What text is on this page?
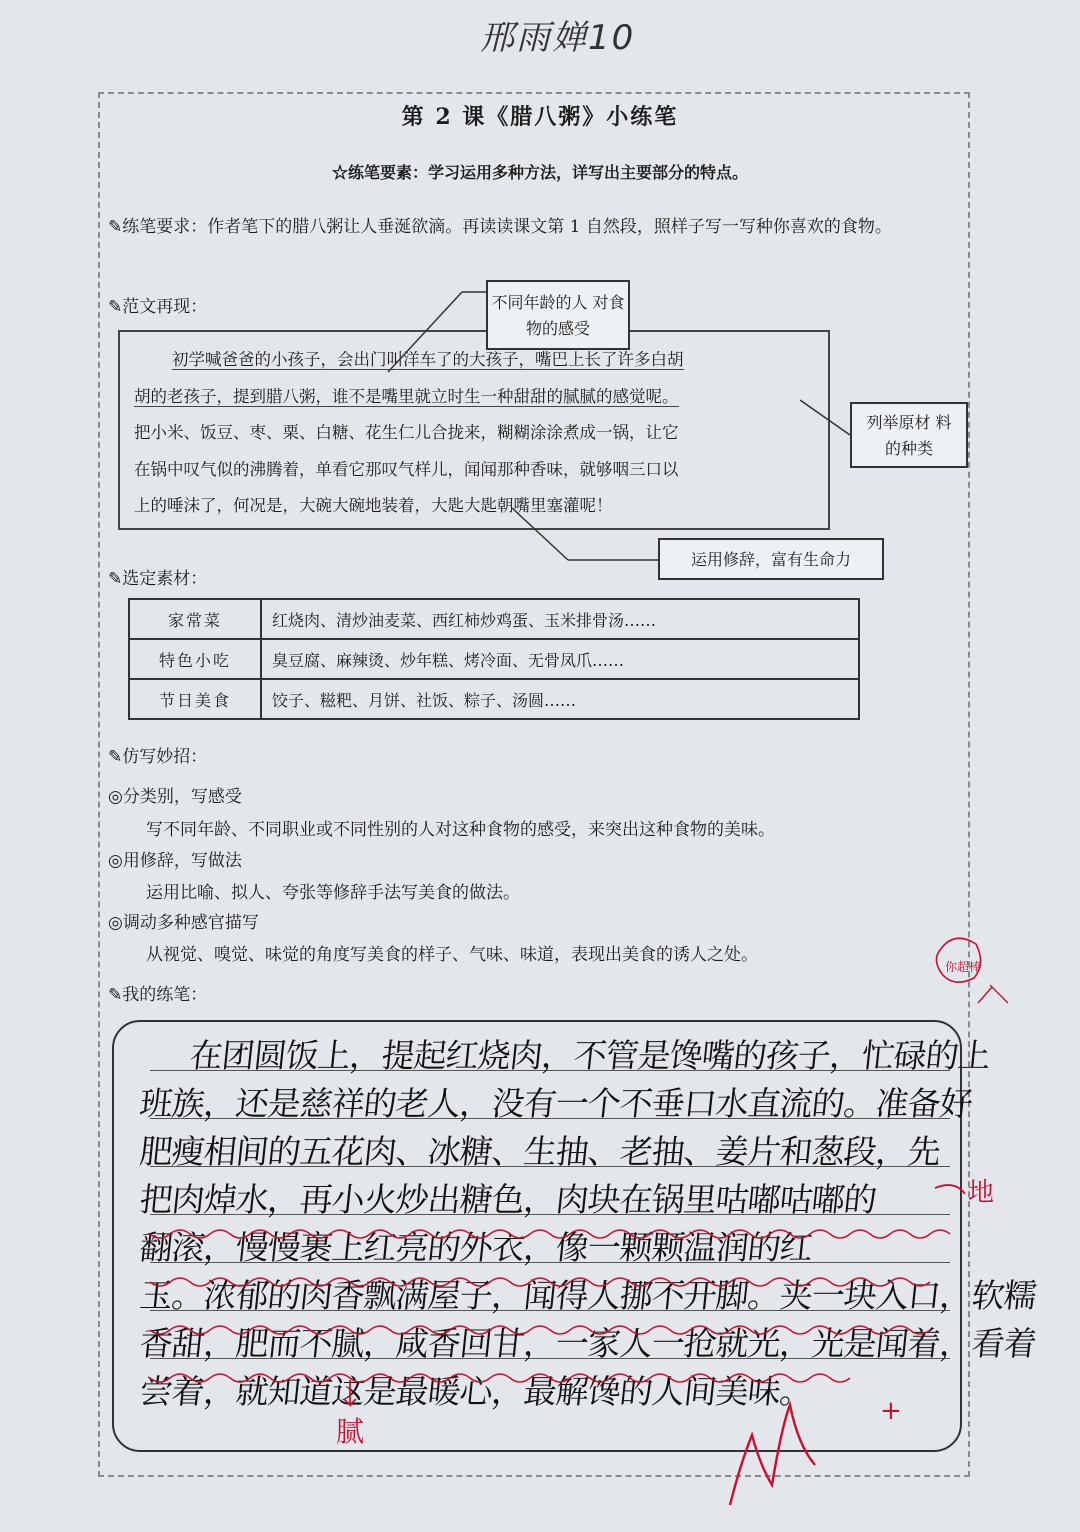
邢雨婵10
第 2 课《腊八粥》小练笔
☆练笔要素：学习运用多种方法，详写出主要部分的特点。
✎练笔要求：作者笔下的腊八粥让人垂涎欲滴。再读读课文第 1 自然段，照样子写一写种你喜欢的食物。
✎范文再现：
初学喊爸爸的小孩子，会出门叫洋车了的大孩子，嘴巴上长了许多白胡
胡的老孩子，提到腊八粥，谁不是嘴里就立时生一种甜甜的腻腻的感觉呢。
把小米、饭豆、枣、栗、白糖、花生仁儿合拢来，糊糊涂涂煮成一锅，让它
在锅中叹气似的沸腾着，单看它那叹气样儿，闻闻那种香味，就够咽三口以
上的唾沫了，何况是，大碗大碗地装着，大匙大匙朝嘴里塞灌呢！
不同年龄的人 对食物的感受
列举原材 料的种类
运用修辞，富有生命力
✎选定素材：
家常菜	红烧肉、清炒油麦菜、西红柿炒鸡蛋、玉米排骨汤……
特色小吃	臭豆腐、麻辣烫、炒年糕、烤冷面、无骨凤爪……
节日美食	饺子、糍粑、月饼、社饭、粽子、汤圆……
✎仿写妙招：
◎分类别，写感受
写不同年龄、不同职业或不同性别的人对这种食物的感受，来突出这种食物的美味。
◎用修辞，写做法
运用比喻、拟人、夸张等修辞手法写美食的做法。
◎调动多种感官描写
从视觉、嗅觉、味觉的角度写美食的样子、气味、味道，表现出美食的诱人之处。
✎我的练笔：
在团圆饭上，提起红烧肉，不管是馋嘴的孩子，忙碌的上
班族，还是慈祥的老人，没有一个不垂口水直流的。准备好
肥瘦相间的五花肉、冰糖、生抽、老抽、姜片和葱段，先
把肉焯水，再小火炒出糖色，肉块在锅里咕嘟咕嘟的
翻滚，慢慢裹上红亮的外衣，像一颗颗温润的红
玉。浓郁的肉香飘满屋子，闻得人挪不开脚。夹一块入口，软糯
香甜，肥而不腻，咸香回甘，一家人一抢就光，光是闻着，看着
尝着，就知道这是最暖心，最解馋的人间美味。
你超棒
地
腻
+
